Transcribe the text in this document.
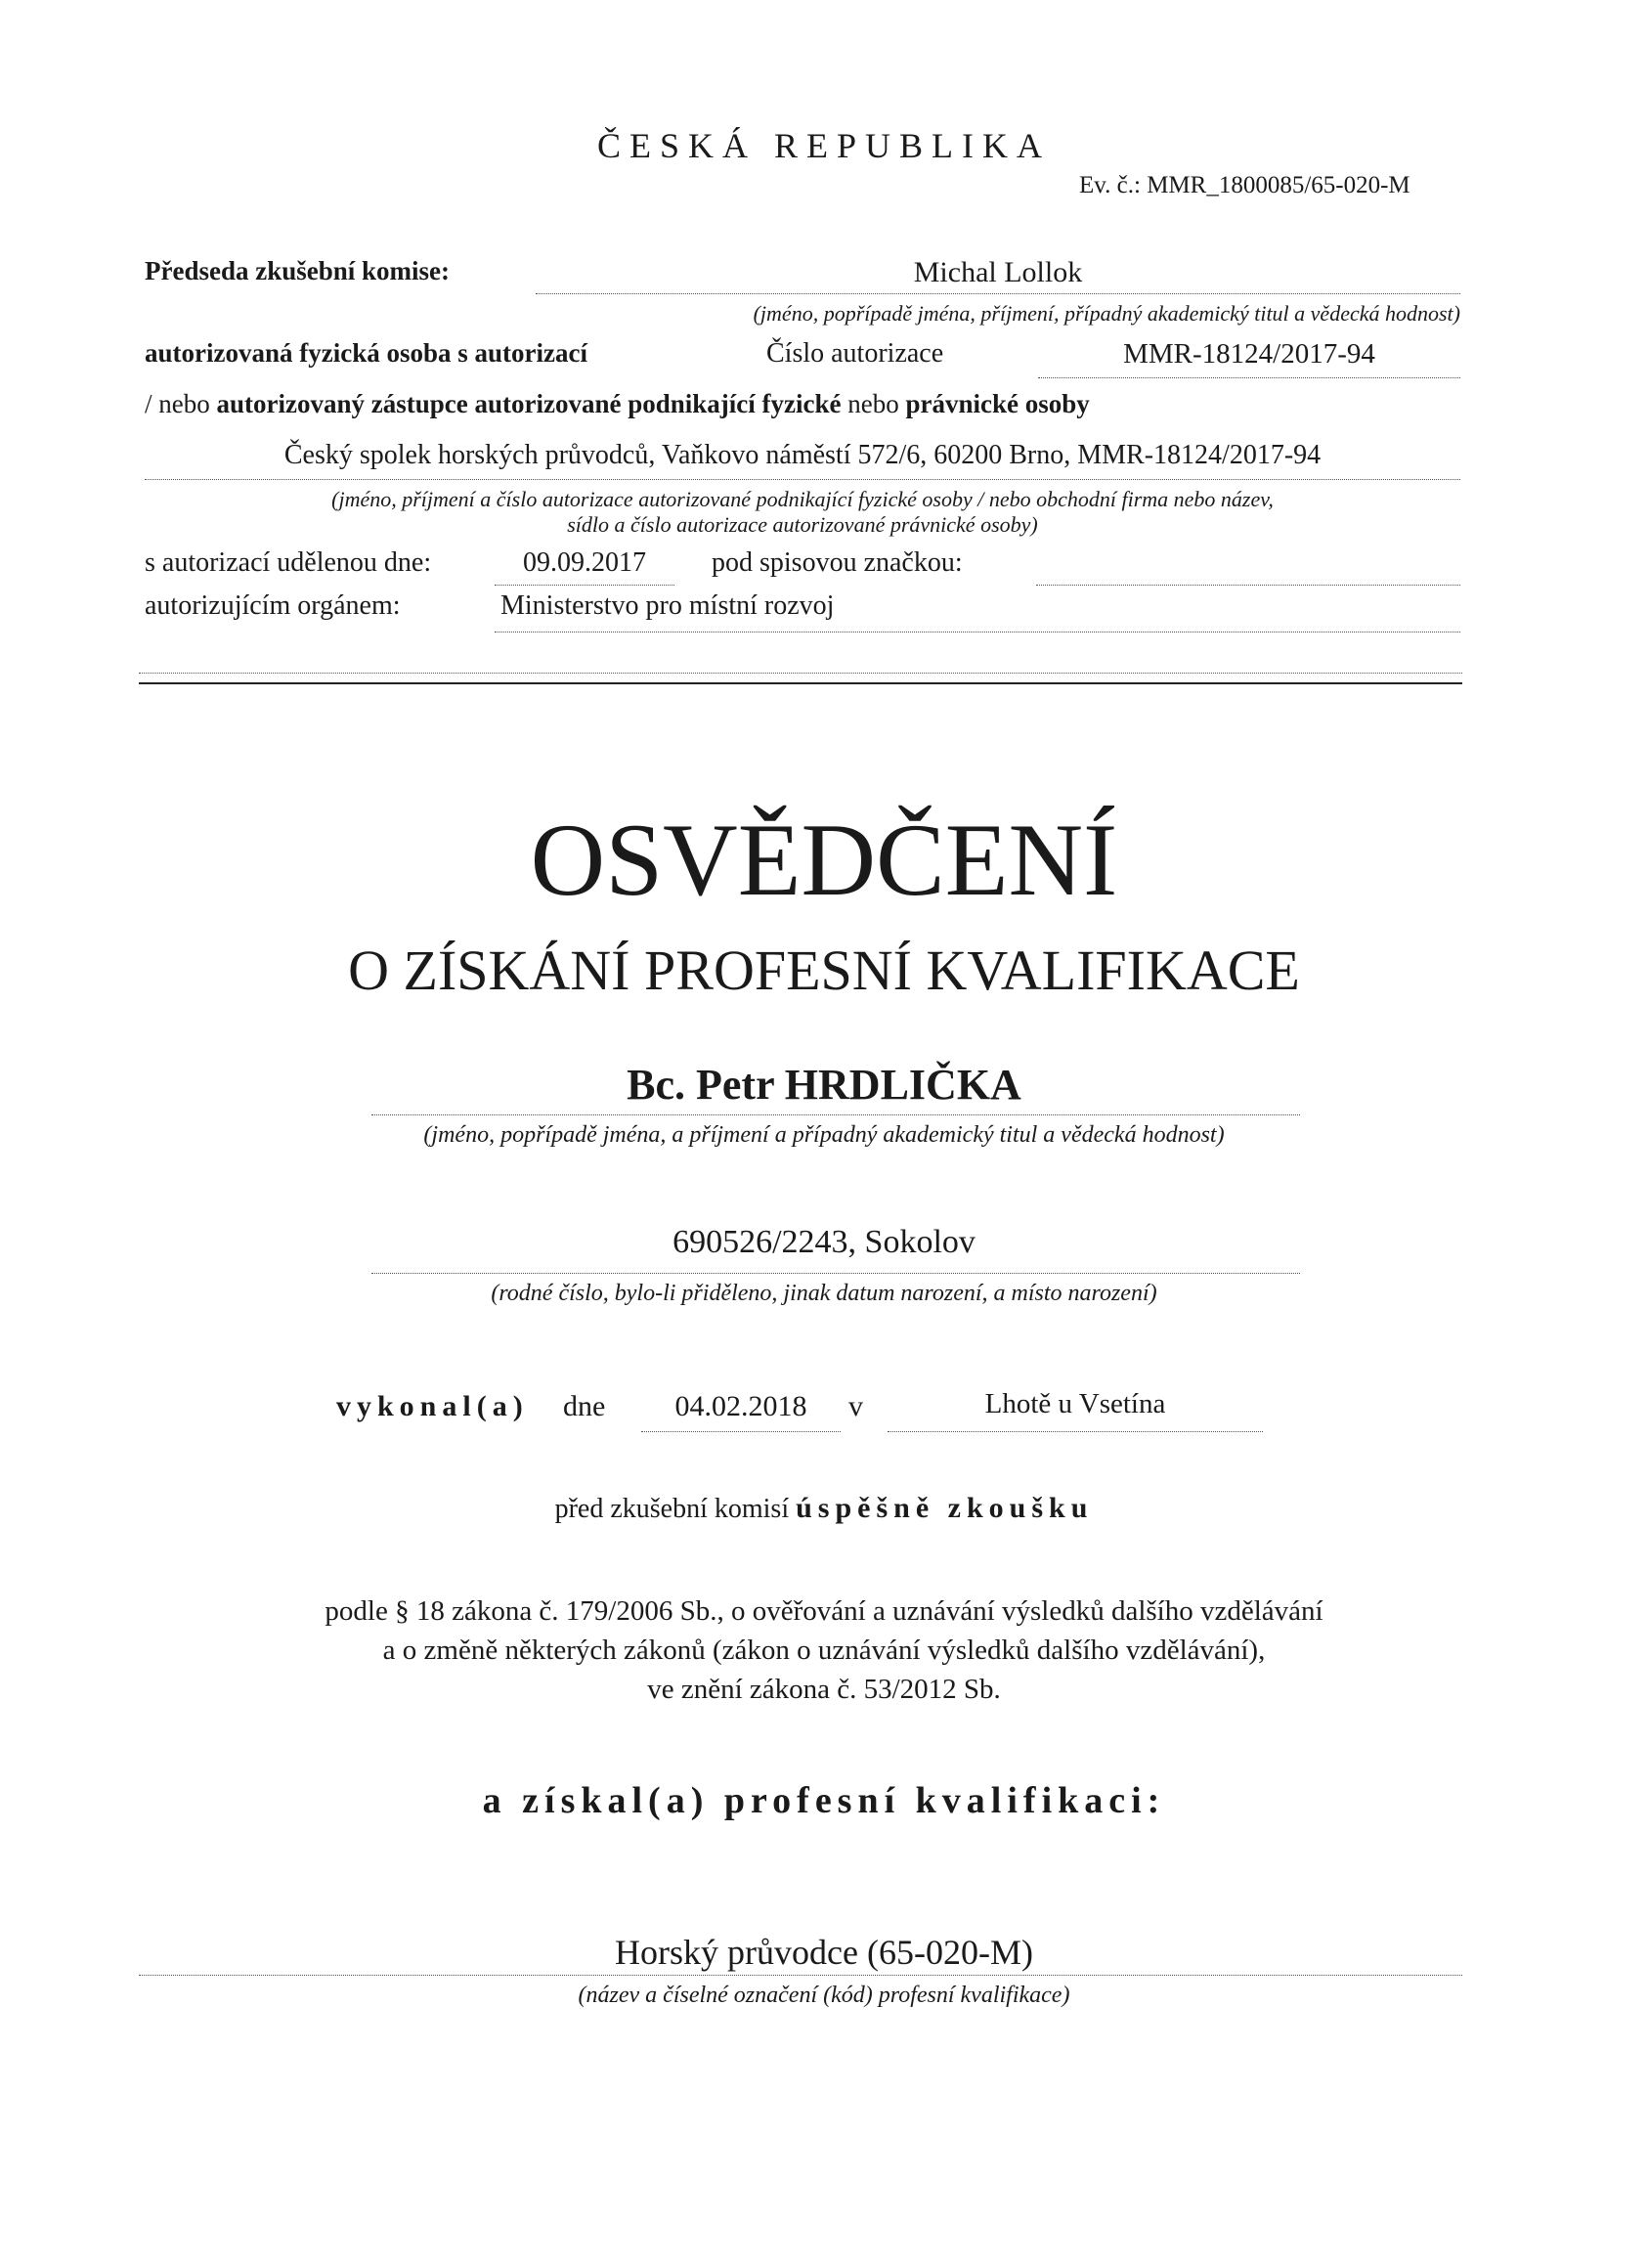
ČESKÁ REPUBLIKA
Ev. č.: MMR_1800085/65-020-M
Předseda zkušební komise:	Michal Lollok
(jméno, popřípadě jména, příjmení, případný akademický titul a vědecká hodnost)
autorizovaná fyzická osoba s autorizací	Číslo autorizace	MMR-18124/2017-94
/ nebo autorizovaný zástupce autorizované podnikající fyzické nebo právnické osoby
Český spolek horských průvodců, Vaňkovo náměstí 572/6, 60200 Brno, MMR-18124/2017-94
(jméno, příjmení a číslo autorizace autorizované podnikající fyzické osoby / nebo obchodní firma nebo název,
sídlo a číslo autorizace autorizované právnické osoby)
s autorizací udělenou dne:	09.09.2017	pod spisovou značkou:
autorizujícím orgánem:	Ministerstvo pro místní rozvoj
OSVĚDČENÍ
O ZÍSKÁNÍ PROFESNÍ KVALIFIKACE
Bc. Petr HRDLIČKA
(jméno, popřípadě jména, a příjmení a případný akademický titul a vědecká hodnost)
690526/2243, Sokolov
(rodné číslo, bylo-li přiděleno, jinak datum narození, a místo narození)
vykonal(a) dne	04.02.2018	v	Lhotě u Vsetína
před zkušební komisí úspěšně zkoušku
podle § 18 zákona č. 179/2006 Sb., o ověřování a uznávání výsledků dalšího vzdělávání
a o změně některých zákonů (zákon o uznávání výsledků dalšího vzdělávání),
ve znění zákona č. 53/2012 Sb.
a získal(a) profesní kvalifikaci:
Horský průvodce (65-020-M)
(název a číselné označení (kód) profesní kvalifikace)
